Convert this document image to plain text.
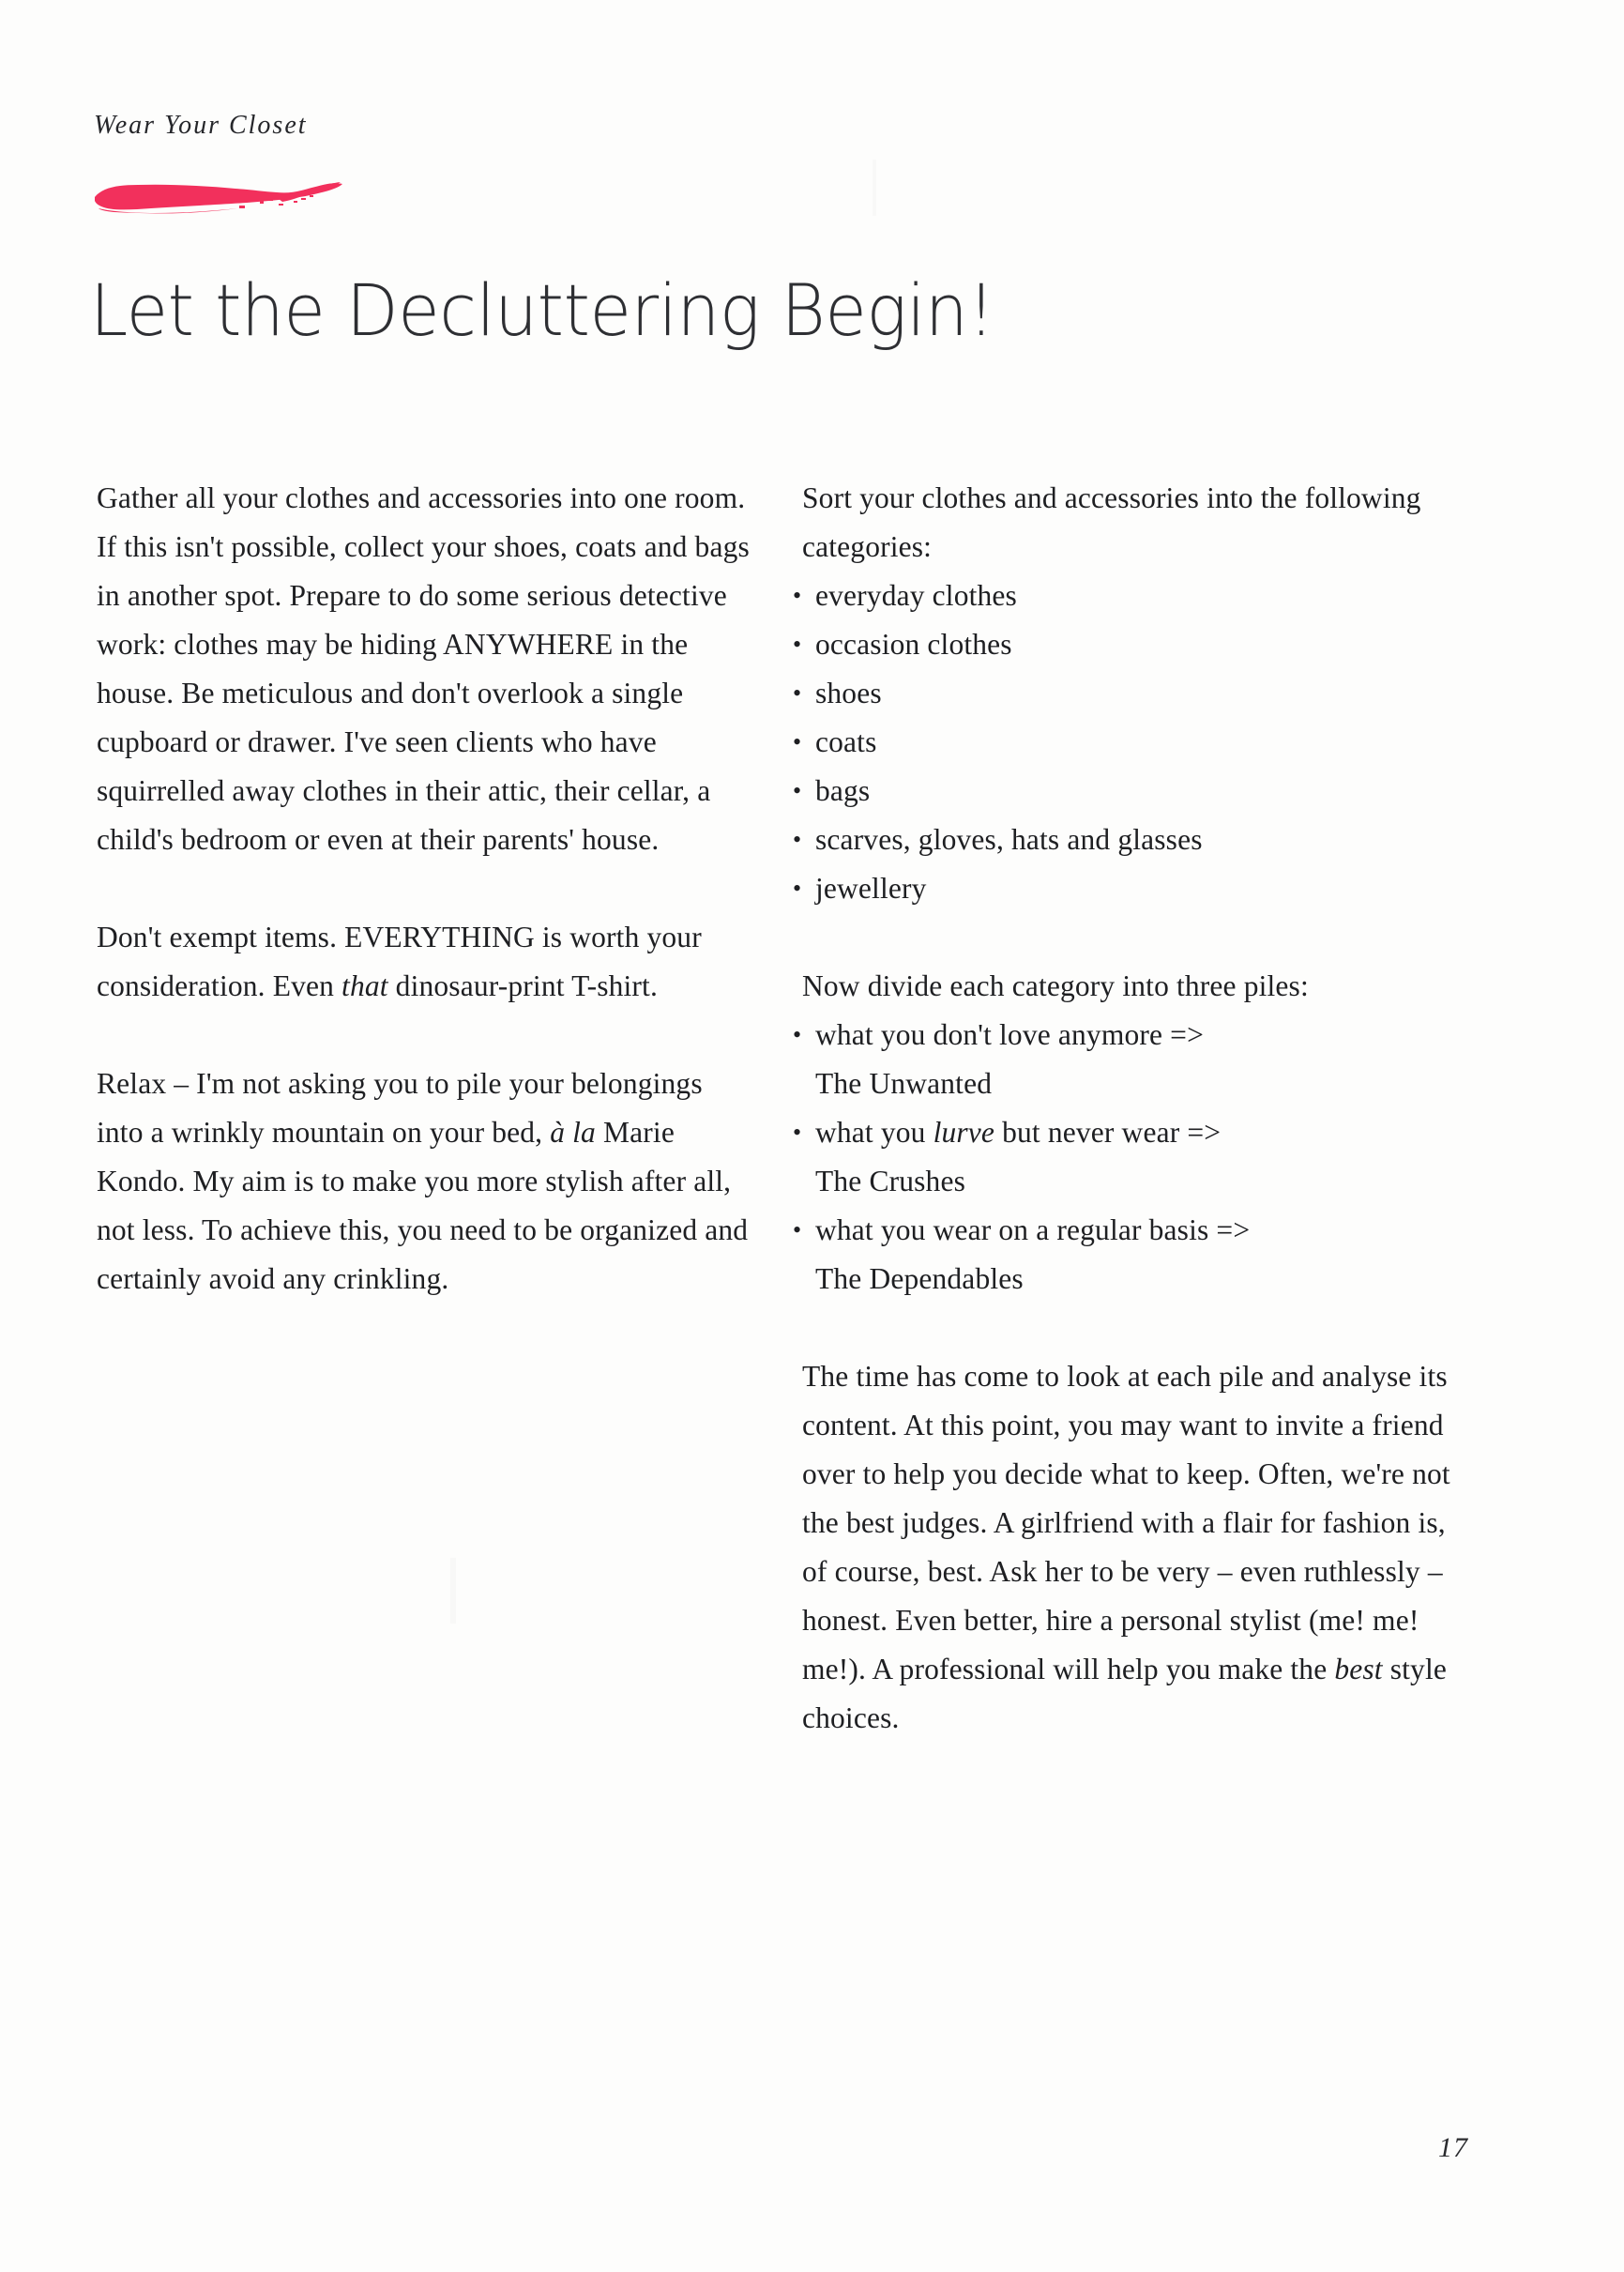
Wear Your Closet
Let the Decluttering Begin!

Gather all your clothes and accessories into one room. If this isn't possible, collect your shoes, coats and bags in another spot. Prepare to do some serious detective work: clothes may be hiding ANYWHERE in the house. Be meticulous and don't overlook a single cupboard or drawer. I've seen clients who have squirrelled away clothes in their attic, their cellar, a child's bedroom or even at their parents' house.

Don't exempt items. EVERYTHING is worth your consideration. Even that dinosaur-print T-shirt.

Relax – I'm not asking you to pile your belongings into a wrinkly mountain on your bed, à la Marie Kondo. My aim is to make you more stylish after all, not less. To achieve this, you need to be organized and certainly avoid any crinkling.

Sort your clothes and accessories into the following categories:

• everyday clothes
• occasion clothes
• shoes
• coats
• bags
• scarves, gloves, hats and glasses
• jewellery

Now divide each category into three piles:

• what you don't love anymore =>
The Unwanted
• what you lurve but never wear =>
The Crushes
• what you wear on a regular basis =>
The Dependables

The time has come to look at each pile and analyse its content. At this point, you may want to invite a friend over to help you decide what to keep. Often, we're not the best judges. A girlfriend with a flair for fashion is, of course, best. Ask her to be very – even ruthlessly – honest. Even better, hire a personal stylist (me! me! me!). A professional will help you make the best style choices.

17
